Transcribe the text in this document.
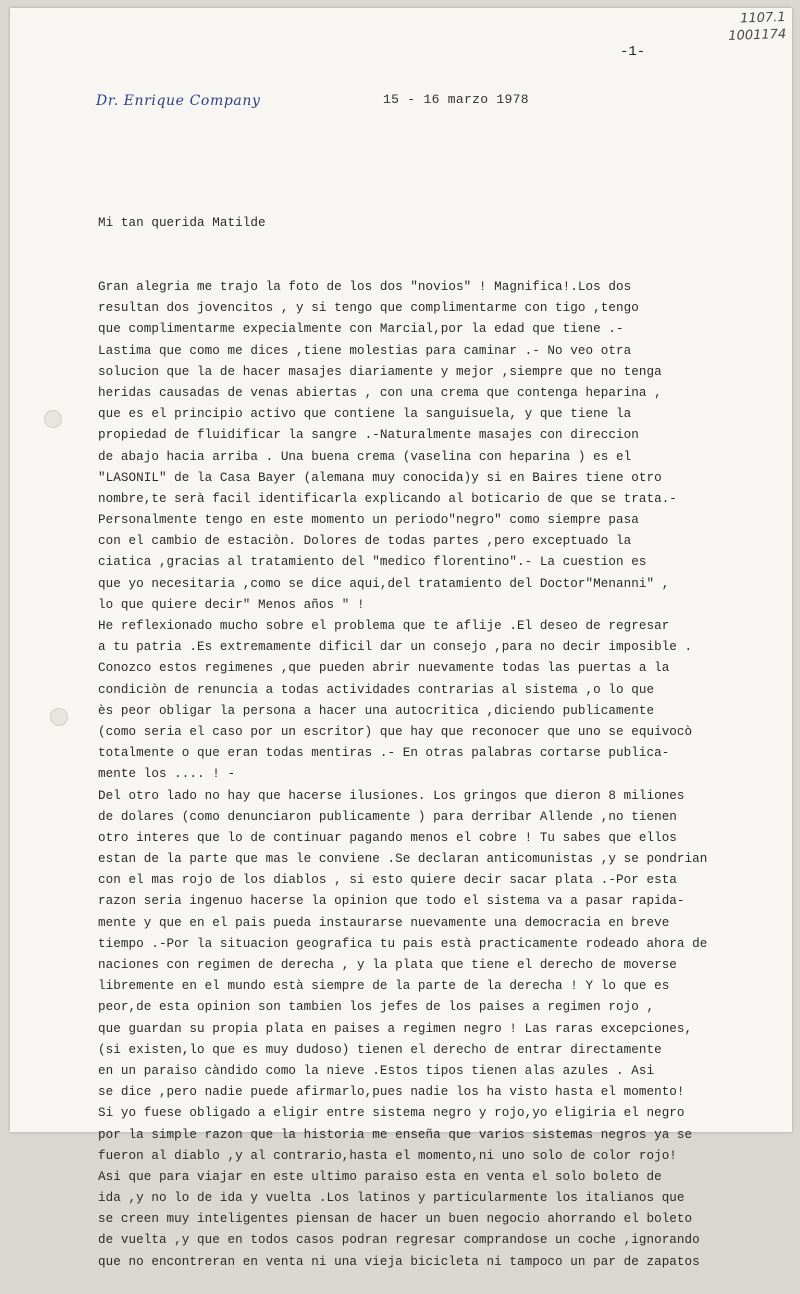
1107.1
1001174
-1-
Dr. Enrique Company	15 - 16 marzo 1978

Mi tan querida Matilde

Gran alegria me trajo la foto de los dos "novios" ! Magnifica!.Los dos
resultan dos jovencitos , y si tengo que complimentarme con tigo ,tengo
que complimentarme expecialmente con Marcial,por la edad que tiene .-
Lastima que como me dices ,tiene molestias para caminar .- No veo otra
solucion que la de hacer masajes diariamente y mejor ,siempre que no tenga
heridas causadas de venas abiertas , con una crema que contenga heparina ,
que es el principio activo que contiene la sanguisuela, y que tiene la
propiedad de fluidificar la sangre .-Naturalmente masajes con direccion
de abajo hacia arriba . Una buena crema (vaselina con heparina ) es el
"LASONIL" de la Casa Bayer (alemana muy conocida)y si en Baires tiene otro
nombre,te serà facil identificarla explicando al boticario de que se trata.-
Personalmente tengo en este momento un periodo"negro" como siempre pasa
con el cambio de estaciòn. Dolores de todas partes ,pero exceptuado la
ciatica ,gracias al tratamiento del "medico florentino".- La cuestion es
que yo necesitaria ,como se dice aqui,del tratamiento del Doctor"Menanni" ,
lo que quiere decir" Menos años " !
He reflexionado mucho sobre el problema que te aflije .El deseo de regresar
a tu patria .Es extremamente dificil dar un consejo ,para no decir imposible .
Conozco estos regimenes ,que pueden abrir nuevamente todas las puertas a la
condiciòn de renuncia a todas actividades contrarias al sistema ,o lo que
ès peor obligar la persona a hacer una autocritica ,diciendo publicamente
(como seria el caso por un escritor) que hay que reconocer que uno se equivocò
totalmente o que eran todas mentiras .- En otras palabras cortarse publica-
mente los .... ! -
Del otro lado no hay que hacerse ilusiones. Los gringos que dieron 8 miliones
de dolares (como denunciaron publicamente ) para derribar Allende ,no tienen
otro interes que lo de continuar pagando menos el cobre ! Tu sabes que ellos
estan de la parte que mas le conviene .Se declaran anticomunistas ,y se pondrian
con el mas rojo de los diablos , si esto quiere decir sacar plata .-Por esta
razon seria ingenuo hacerse la opinion que todo el sistema va a pasar rapida-
mente y que en el pais pueda instaurarse nuevamente una democracia en breve
tiempo .-Por la situacion geografica tu pais està practicamente rodeado ahora de
naciones con regimen de derecha , y la plata que tiene el derecho de moverse
libremente en el mundo està siempre de la parte de la derecha ! Y lo que es
peor,de esta opinion son tambien los jefes de los paises a regimen rojo ,
que guardan su propia plata en paises a regimen negro ! Las raras excepciones,
(si existen,lo que es muy dudoso) tienen el derecho de entrar directamente
en un paraiso càndido como la nieve .Estos tipos tienen alas azules . Asi
se dice ,pero nadie puede afirmarlo,pues nadie los ha visto hasta el momento!
Si yo fuese obligado a eligir entre sistema negro y rojo,yo eligiria el negro
por la simple razon que la historia me enseña que varios sistemas negros ya se
fueron al diablo ,y al contrario,hasta el momento,ni uno solo de color rojo!
Asi que para viajar en este ultimo paraiso esta en venta el solo boleto de
ida ,y no lo de ida y vuelta .Los latinos y particularmente los italianos que
se creen muy inteligentes piensan de hacer un buen negocio ahorrando el boleto
de vuelta ,y que en todos casos podran regresar comprandose un coche ,ignorando
que no encontreran en venta ni una vieja bicicleta ni tampoco un par de zapatos
